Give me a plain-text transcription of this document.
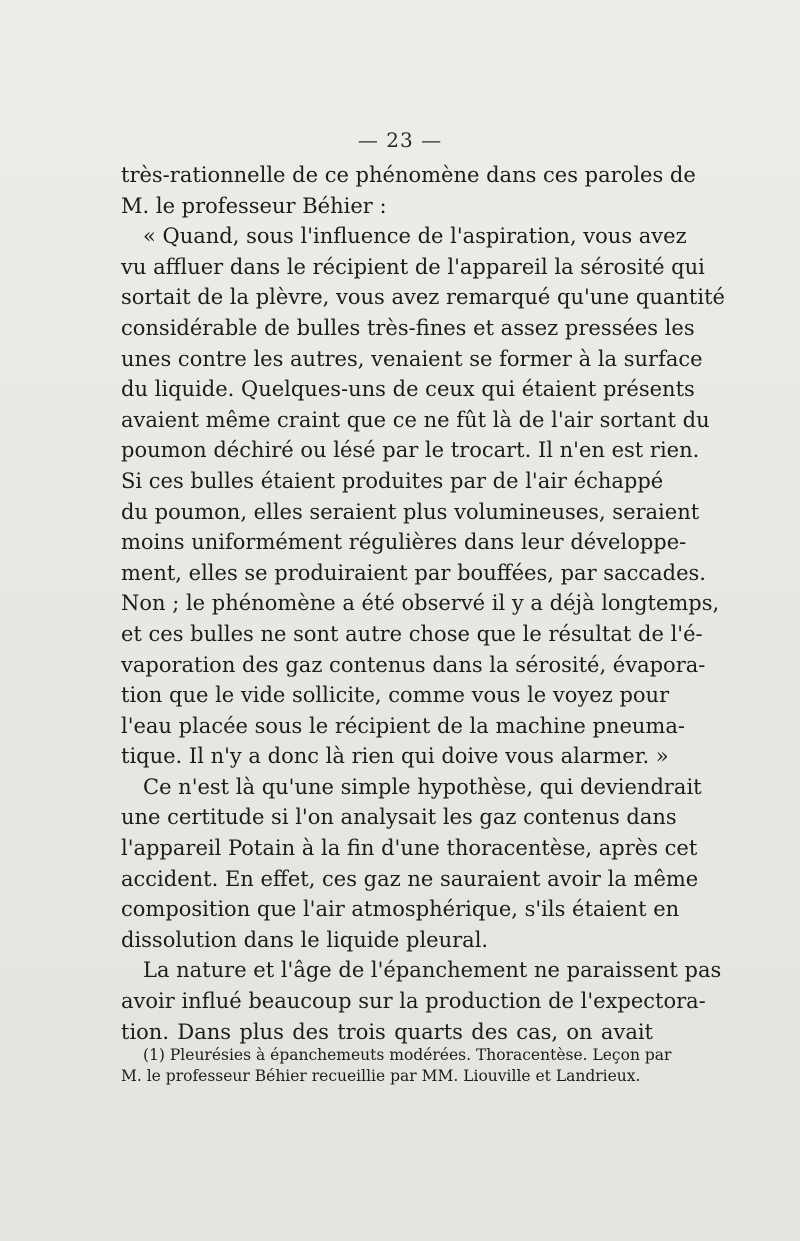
— 23 —
très-rationnelle de ce phénomène dans ces paroles de
M. le professeur Béhier :
« Quand, sous l'influence de l'aspiration, vous avez
vu affluer dans le récipient de l'appareil la sérosité qui
sortait de la plèvre, vous avez remarqué qu'une quantité
considérable de bulles très-fines et assez pressées les
unes contre les autres, venaient se former à la surface
du liquide. Quelques-uns de ceux qui étaient présents
avaient même craint que ce ne fût là de l'air sortant du
poumon déchiré ou lésé par le trocart. Il n'en est rien.
Si ces bulles étaient produites par de l'air échappé
du poumon, elles seraient plus volumineuses, seraient
moins uniformément régulières dans leur développe-
ment, elles se produiraient par bouffées, par saccades.
Non ; le phénomène a été observé il y a déjà longtemps,
et ces bulles ne sont autre chose que le résultat de l'é-
vaporation des gaz contenus dans la sérosité, évapora-
tion que le vide sollicite, comme vous le voyez pour
l'eau placée sous le récipient de la machine pneuma-
tique. Il n'y a donc là rien qui doive vous alarmer. »
Ce n'est là qu'une simple hypothèse, qui deviendrait
une certitude si l'on analysait les gaz contenus dans
l'appareil Potain à la fin d'une thoracentèse, après cet
accident. En effet, ces gaz ne sauraient avoir la même
composition que l'air atmosphérique, s'ils étaient en
dissolution dans le liquide pleural.
La nature et l'âge de l'épanchement ne paraissent pas
avoir influé beaucoup sur la production de l'expectora-
tion. Dans plus des trois quarts des cas, on avait
(1) Pleurésies à épanchemeuts modérées. Thoracentèse. Leçon par
M. le professeur Béhier recueillie par MM. Liouville et Landrieux.
